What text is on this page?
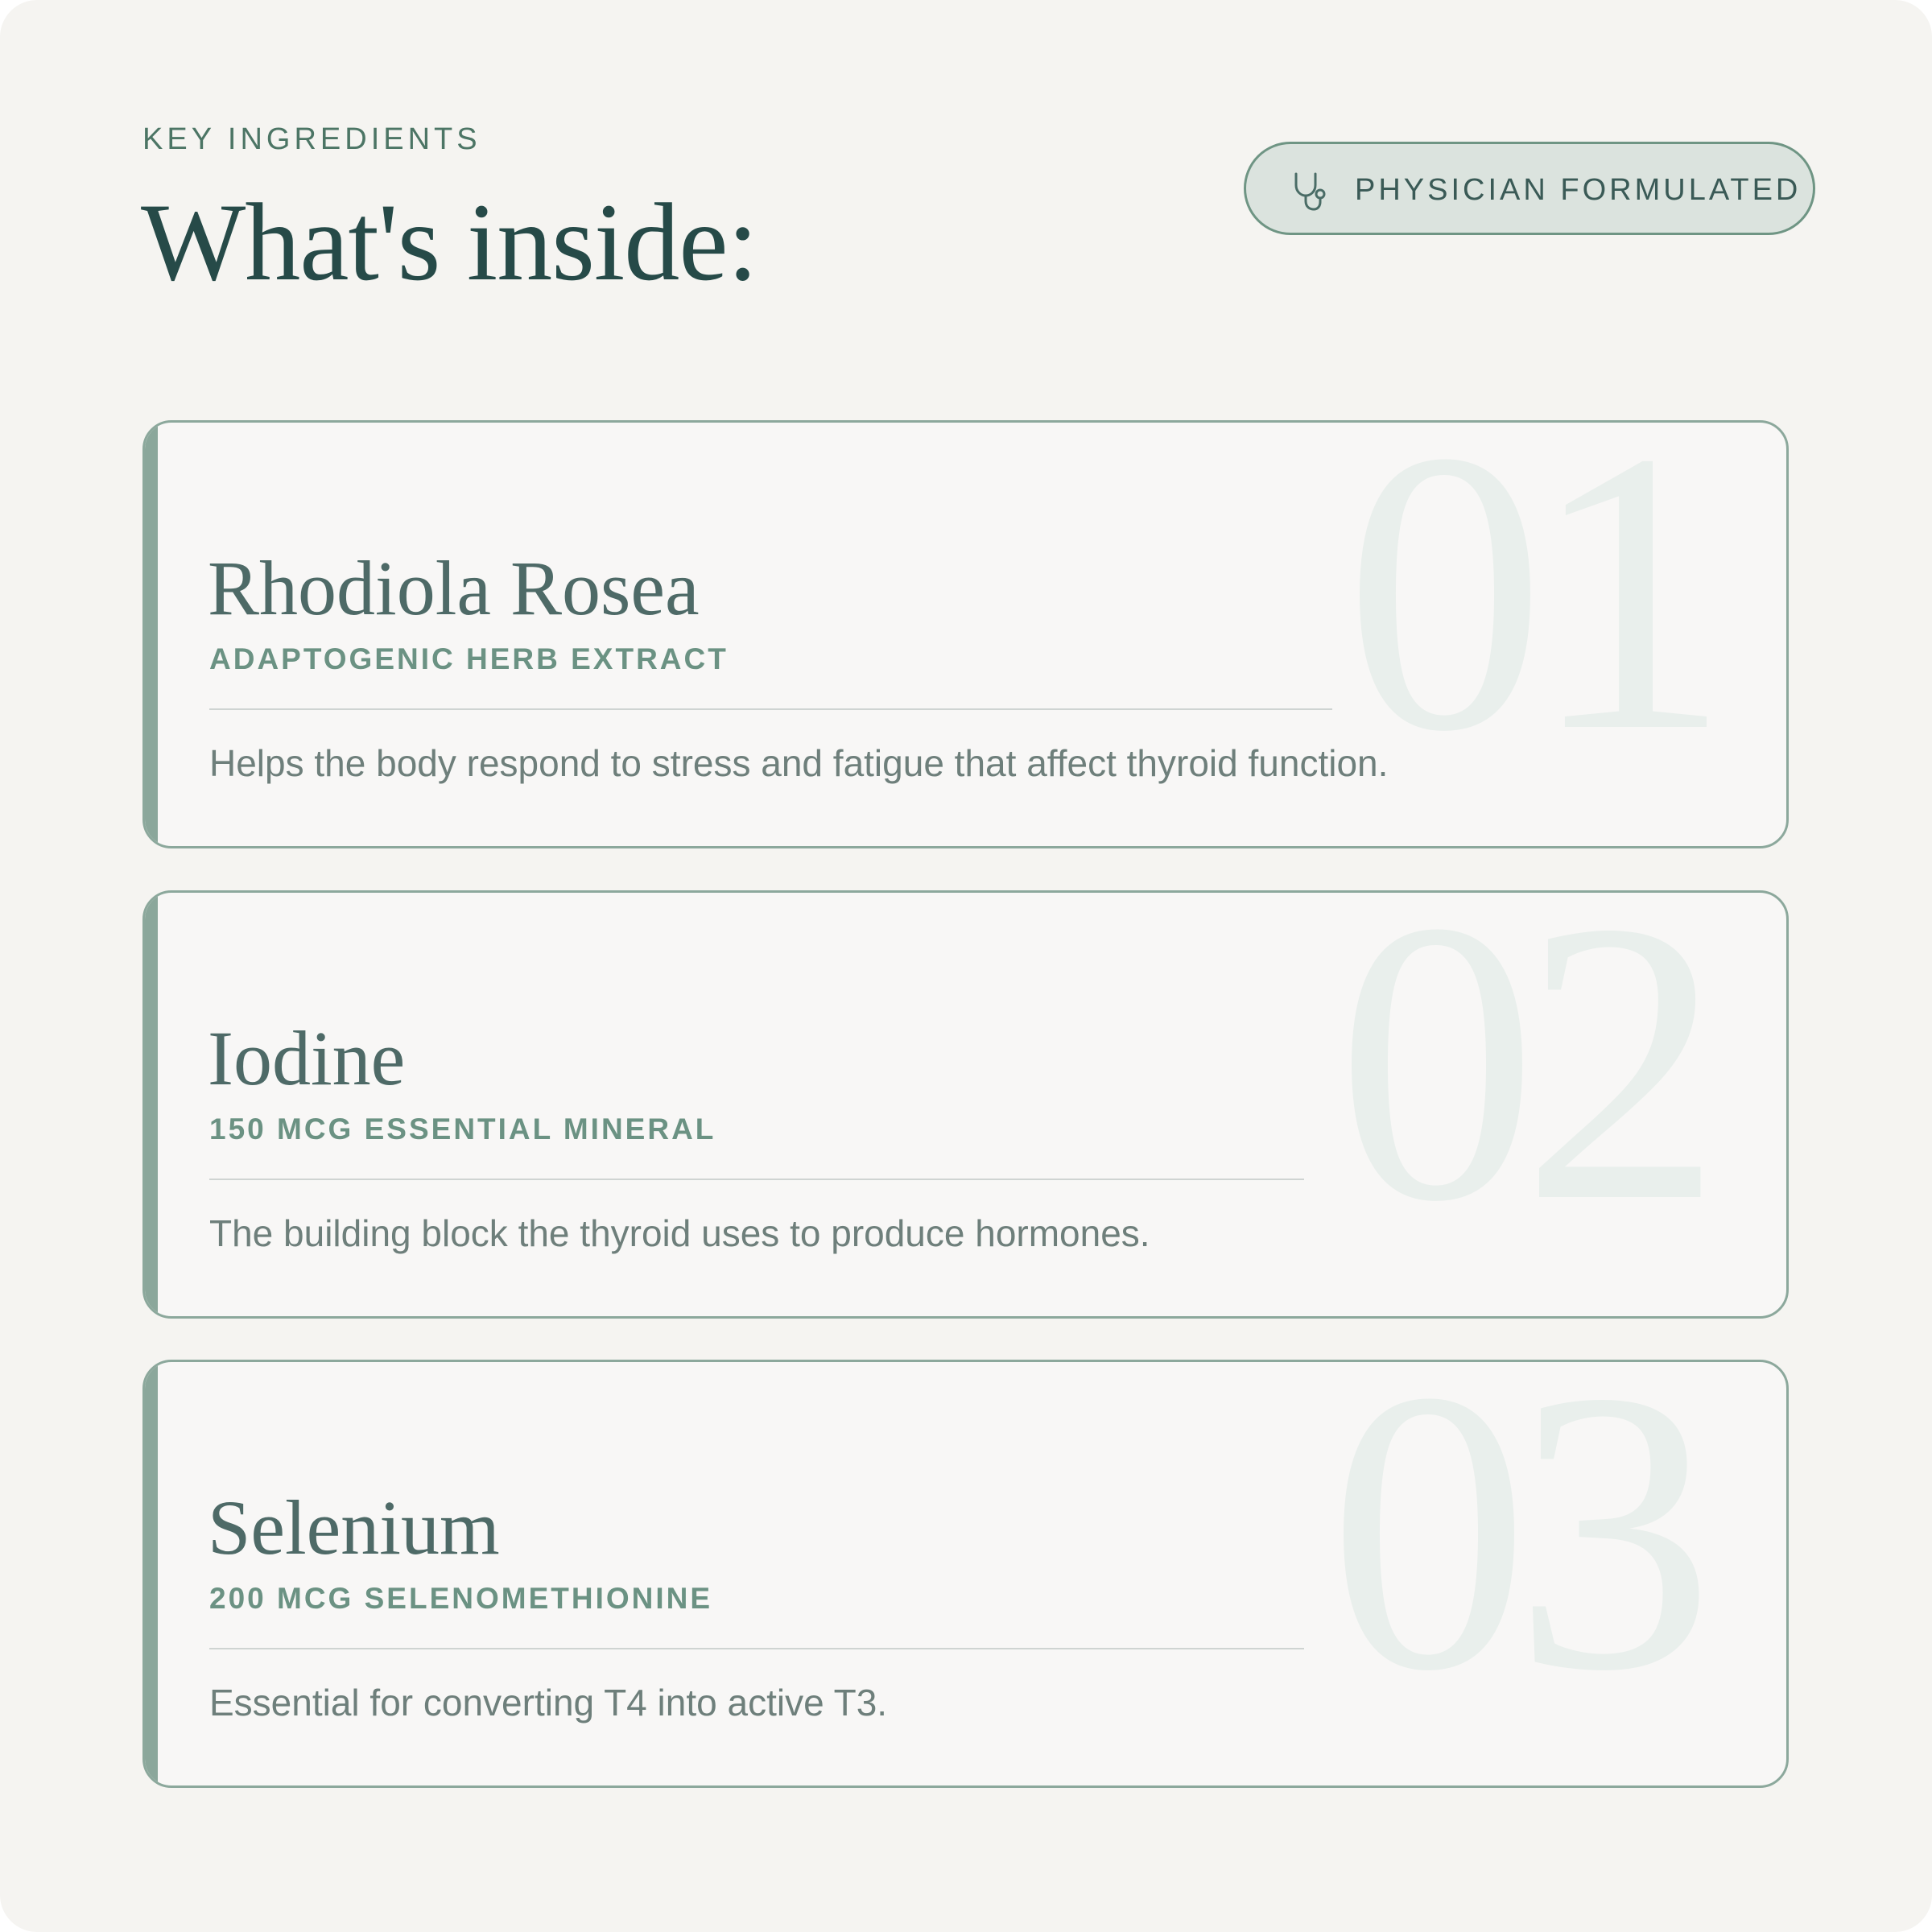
KEY INGREDIENTS
What's inside:	PHYSICIAN FORMULATED
01
Rhodiola Rosea
ADAPTOGENIC HERB EXTRACT
Helps the body respond to stress and fatigue that affect thyroid function.
02
Iodine
150 MCG ESSENTIAL MINERAL
The building block the thyroid uses to produce hormones.
03
Selenium
200 MCG SELENOMETHIONINE
Essential for converting T4 into active T3.
